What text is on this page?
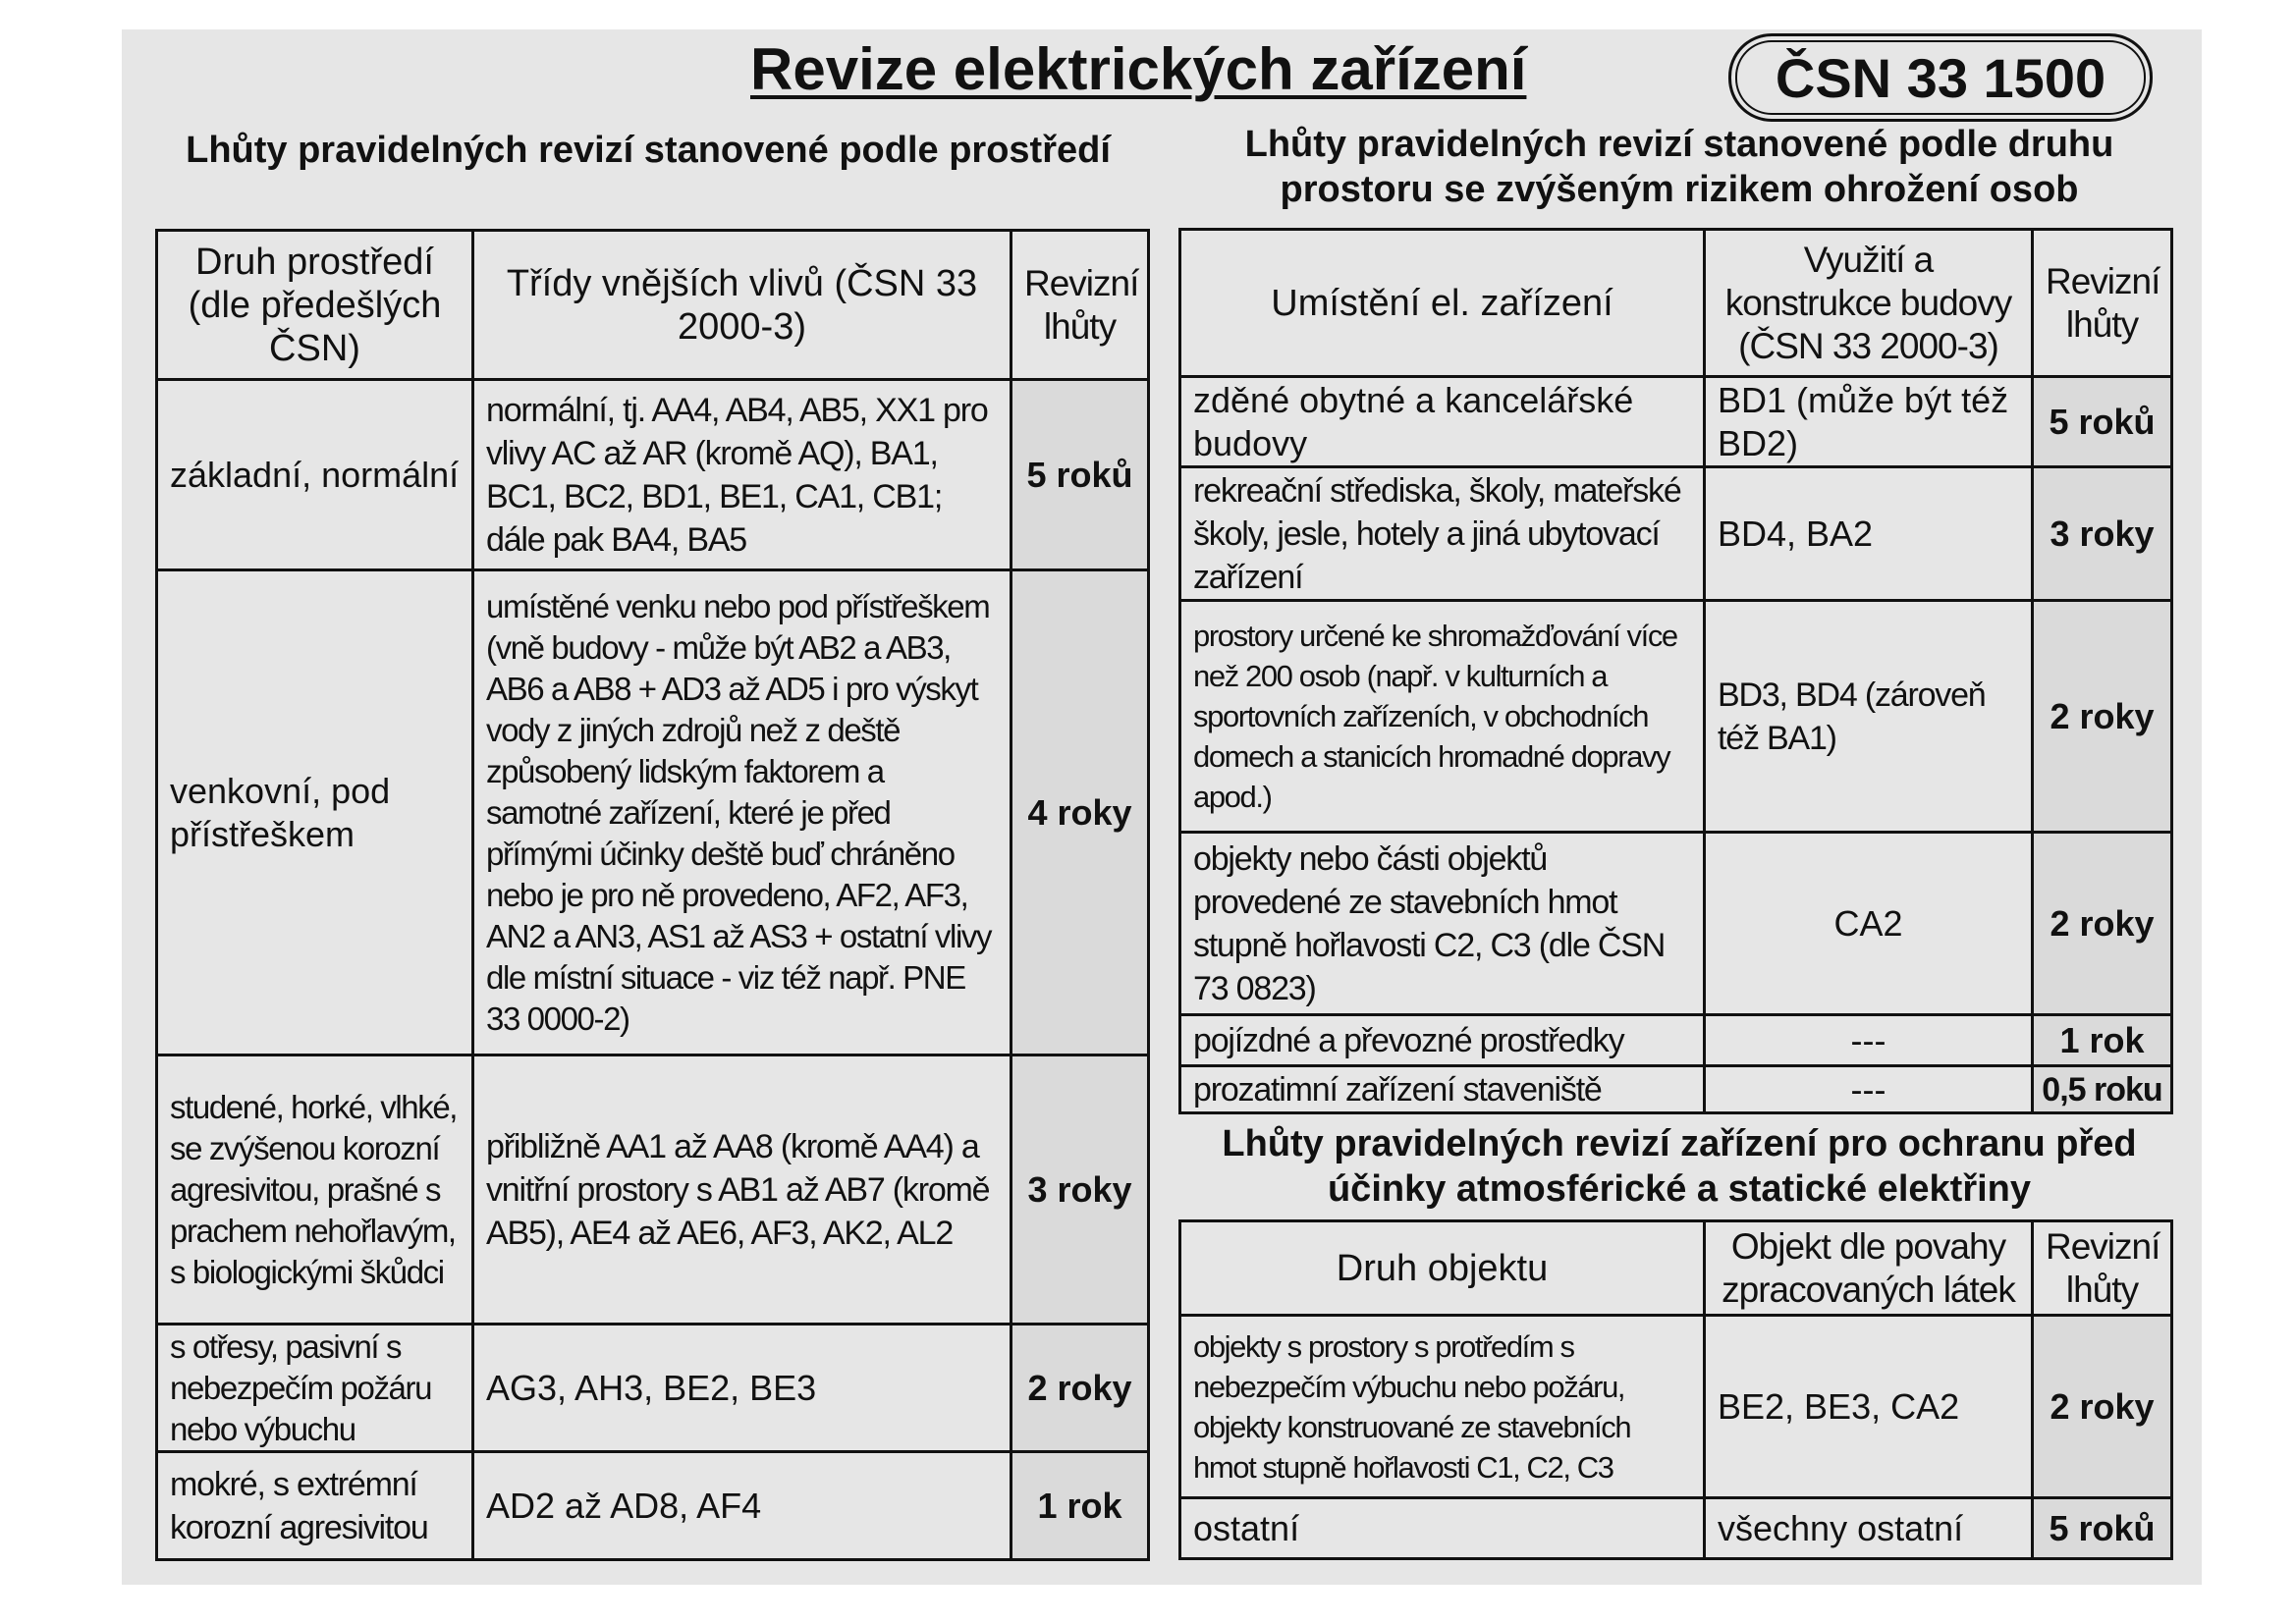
Revize elektrických zařízení	ČSN 33 1500
Lhůty pravidelných revizí stanovené podle prostředí
Druh prostředí (dle předešlých ČSN)	Třídy vnějších vlivů (ČSN 33 2000-3)	Revizní lhůty
základní, normální	normální, tj. AA4, AB4, AB5, XX1 pro vlivy AC až AR (kromě AQ), BA1, BC1, BC2, BD1, BE1, CA1, CB1; dále pak BA4, BA5	5 roků
venkovní, pod přístřeškem	umístěné venku nebo pod přístřeškem (vně budovy - může být AB2 a AB3, AB6 a AB8 + AD3 až AD5 i pro výskyt vody z jiných zdrojů než z deště způsobený lidským faktorem a samotné zařízení, které je před přímými účinky deště buď chráněno nebo je pro ně provedeno, AF2, AF3, AN2 a AN3, AS1 až AS3 + ostatní vlivy dle místní situace - viz též např. PNE 33 0000-2)	4 roky
studené, horké, vlhké, se zvýšenou korozní agresivitou, prašné s prachem nehořlavým, s biologickými škůdci	přibližně AA1 až AA8 (kromě AA4) a vnitřní prostory s AB1 až AB7 (kromě AB5), AE4 až AE6, AF3, AK2, AL2	3 roky
s otřesy, pasivní s nebezpečím požáru nebo výbuchu	AG3, AH3, BE2, BE3	2 roky
mokré, s extrémní korozní agresivitou	AD2 až AD8, AF4	1 rok
Lhůty pravidelných revizí stanovené podle druhu prostoru se zvýšeným rizikem ohrožení osob
Umístění el. zařízení	Využití a konstrukce budovy (ČSN 33 2000-3)	Revizní lhůty
zděné obytné a kancelářské budovy	BD1 (může být též BD2)	5 roků
rekreační střediska, školy, mateřské školy, jesle, hotely a jiná ubytovací zařízení	BD4, BA2	3 roky
prostory určené ke shromažďování více než 200 osob (např. v kulturních a sportovních zařízeních, v obchodních domech a stanicích hromadné dopravy apod.)	BD3, BD4 (zároveň též BA1)	2 roky
objekty nebo části objektů provedené ze stavebních hmot stupně hořlavosti C2, C3 (dle ČSN 73 0823)	CA2	2 roky
pojízdné a převozné prostředky	---	1 rok
prozatimní zařízení staveniště	---	0,5 roku
Lhůty pravidelných revizí zařízení pro ochranu před účinky atmosférické a statické elektřiny
Druh objektu	Objekt dle povahy zpracovaných látek	Revizní lhůty
objekty s prostory s protředím s nebezpečím výbuchu nebo požáru, objekty konstruované ze stavebních hmot stupně hořlavosti C1, C2, C3	BE2, BE3, CA2	2 roky
ostatní	všechny ostatní	5 roků
